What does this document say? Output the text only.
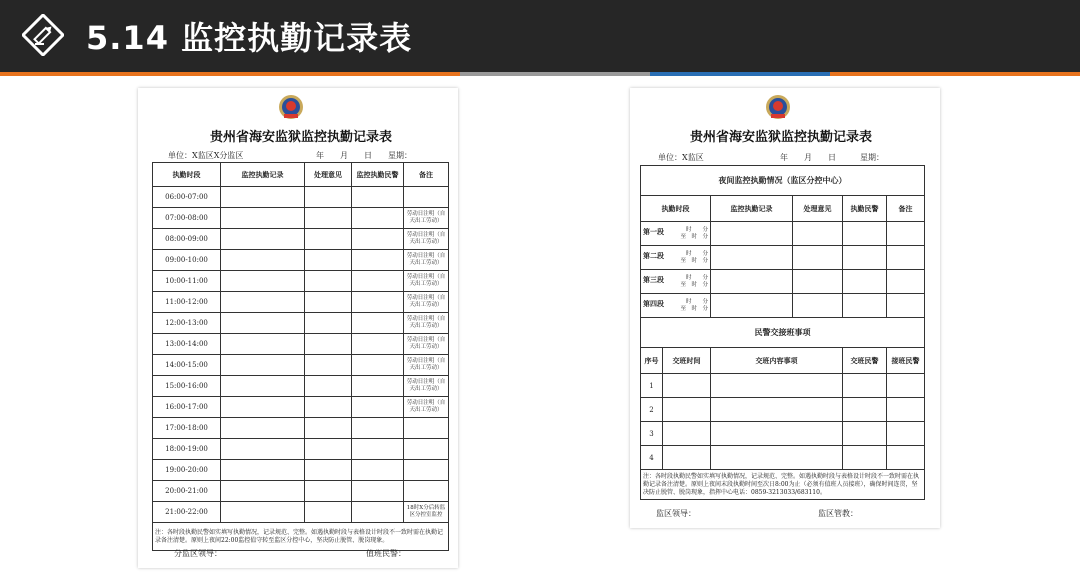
5.14 监控执勤记录表
贵州省海安监狱监控执勤记录表
单位：X监区X分监区	年　　月　　日 星期：
执勤时段	监控执勤记录	处理意见	监控执勤民警	备注
06:00-07:00				
07:00-08:00				劳动日注明（自天出工劳动）
08:00-09:00				劳动日注明（自天出工劳动）
09:00-10:00				劳动日注明（自天出工劳动）
10:00-11:00				劳动日注明（自天出工劳动）
11:00-12:00				劳动日注明（自天出工劳动）
12:00-13:00				劳动日注明（自天出工劳动）
13:00-14:00				劳动日注明（自天出工劳动）
14:00-15:00				劳动日注明（自天出工劳动）
15:00-16:00				劳动日注明（自天出工劳动）
16:00-17:00				劳动日注明（自天出工劳动）
17:00-18:00				
18:00-19:00				
19:00-20:00				
20:00-21:00				
21:00-22:00				18时X分后转监区分控室监控
注：各时段执勤民警如实填写执勤情况，记录规范、完整。如遇执勤时段与表格设计时段不一致时需在执勤记录备注清楚。原则上夜间22:00监控值守转至监区分控中心，坚决防止脱管、脱岗现象。				
分监区领导：	值班民警：
贵州省海安监狱监控执勤记录表
单位：X监区	年　　月　　日	星期：
夜间监控执勤情况（监区分控中心）				
执勤时段	监控执勤记录	处理意见	执勤民警	备注
第一段 时　　分
至　时　分				

第二段 时　　分
至　时　分				

第三段 时　　分
至　时　分				

第四段 时　　分
至　时　分				

民警交接班事项				
序号	交班时间	交班内容事项	交班民警	接班民警
1				
2				
3				
4				
注：各时段执勤民警如实填写执勤情况，记录规范、完整。如遇执勤时段与表格设计时段不一致时需在执勤记录备注清楚。原则上夜间末段执勤时间至次日8:00为止（必须有值班人员接班），确保时间连贯，坚决防止脱管、脱岗现象，指挥中心电话：0859-3213033/683110。				
监区领导：	监区管教：
